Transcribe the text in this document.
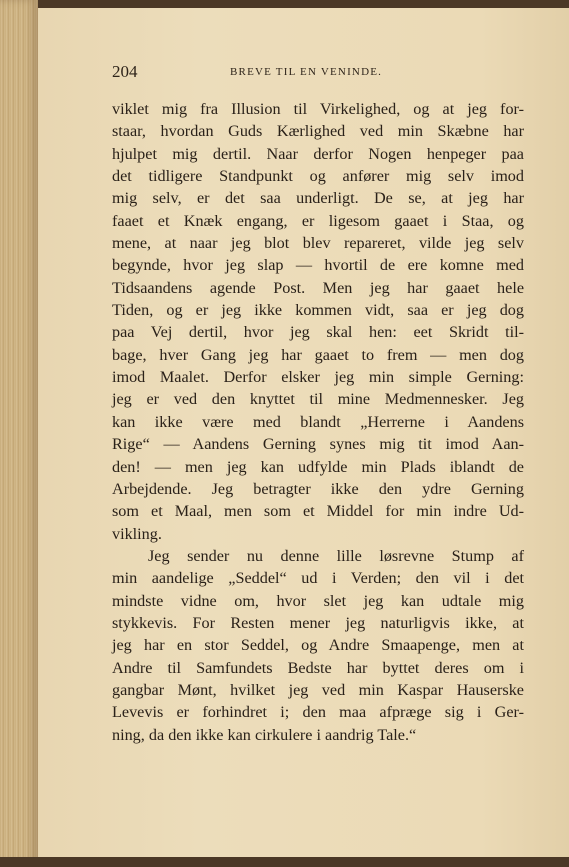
204	BREVE TIL EN VENINDE.
viklet mig fra Illusion til Virkelighed, og at jeg for-
staar, hvordan Guds Kærlighed ved min Skæbne har
hjulpet mig dertil. Naar derfor Nogen henpeger paa
det tidligere Standpunkt og anfører mig selv imod
mig selv, er det saa underligt. De se, at jeg har
faaet et Knæk engang, er ligesom gaaet i Staa, og
mene, at naar jeg blot blev repareret, vilde jeg selv
begynde, hvor jeg slap — hvortil de ere komne med
Tidsaandens agende Post. Men jeg har gaaet hele
Tiden, og er jeg ikke kommen vidt, saa er jeg dog
paa Vej dertil, hvor jeg skal hen: eet Skridt til-
bage, hver Gang jeg har gaaet to frem — men dog
imod Maalet. Derfor elsker jeg min simple Gerning:
jeg er ved den knyttet til mine Medmennesker. Jeg
kan ikke være med blandt „Herrerne i Aandens
Rige“ — Aandens Gerning synes mig tit imod Aan-
den! — men jeg kan udfylde min Plads iblandt de
Arbejdende. Jeg betragter ikke den ydre Gerning
som et Maal, men som et Middel for min indre Ud-
vikling.
Jeg sender nu denne lille løsrevne Stump af
min aandelige „Seddel“ ud i Verden; den vil i det
mindste vidne om, hvor slet jeg kan udtale mig
stykkevis. For Resten mener jeg naturligvis ikke, at
jeg har en stor Seddel, og Andre Smaapenge, men at
Andre til Samfundets Bedste har byttet deres om i
gangbar Mønt, hvilket jeg ved min Kaspar Hauserske
Levevis er forhindret i; den maa afpræge sig i Ger-
ning, da den ikke kan cirkulere i aandrig Tale.“
